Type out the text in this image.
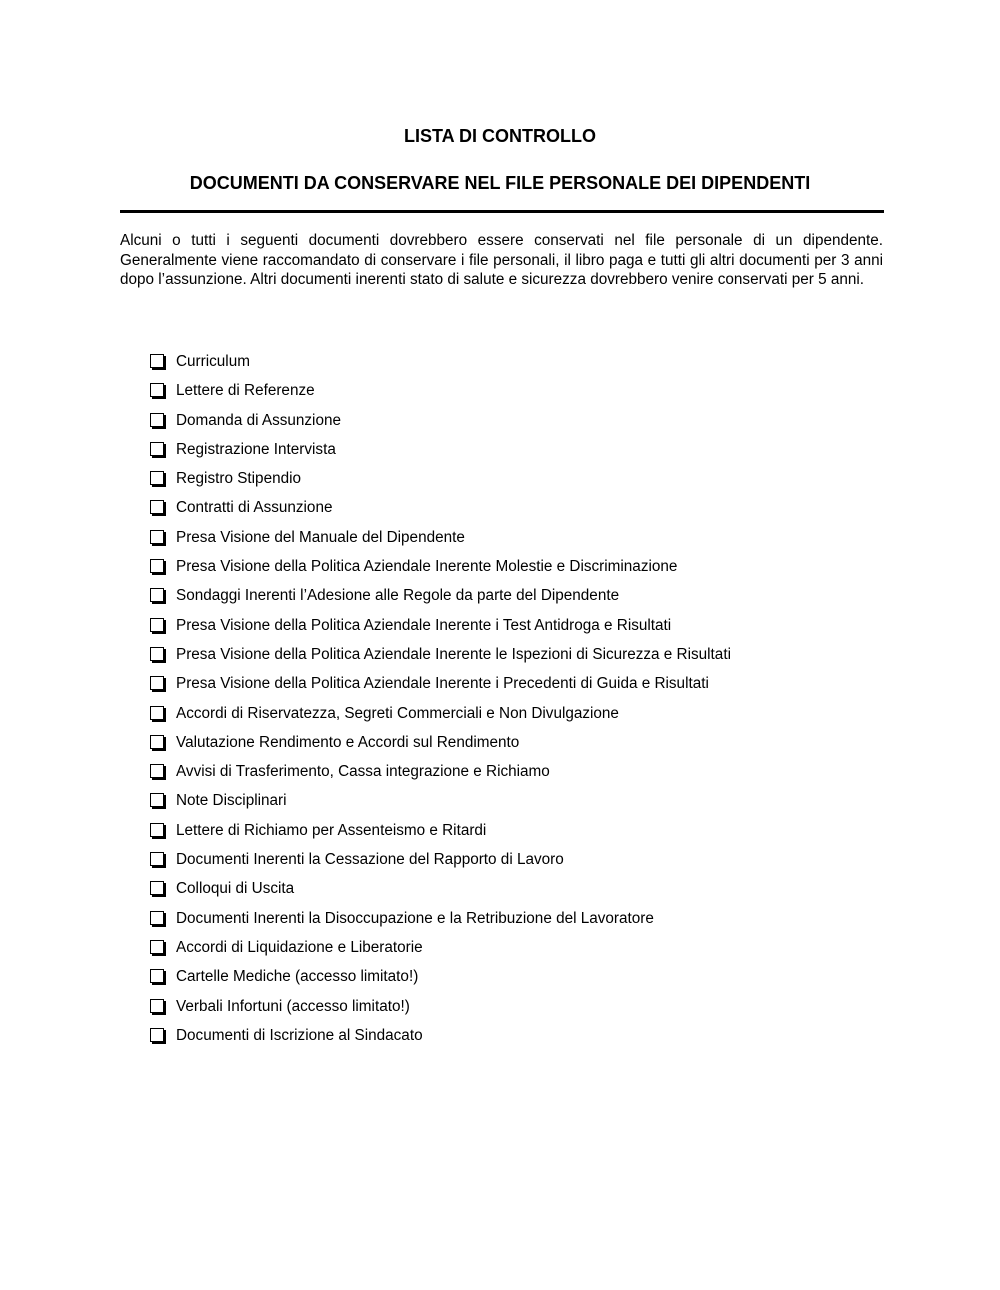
LISTA DI CONTROLLO
DOCUMENTI DA CONSERVARE NEL FILE PERSONALE DEI DIPENDENTI
Alcuni o tutti i seguenti documenti dovrebbero essere conservati nel file personale di un dipendente. Generalmente viene raccomandato di conservare i file personali, il libro paga e tutti gli altri documenti per 3 anni dopo l’assunzione. Altri documenti inerenti stato di salute e sicurezza dovrebbero venire conservati per 5 anni.
Curriculum
Lettere di Referenze
Domanda di Assunzione
Registrazione Intervista
Registro Stipendio
Contratti di Assunzione
Presa Visione del Manuale del Dipendente
Presa Visione della Politica Aziendale Inerente Molestie e Discriminazione
Sondaggi Inerenti l’Adesione alle Regole da parte del Dipendente
Presa Visione della Politica Aziendale Inerente i Test Antidroga e Risultati
Presa Visione della Politica Aziendale Inerente le Ispezioni di Sicurezza e Risultati
Presa Visione della Politica Aziendale Inerente i Precedenti di Guida e Risultati
Accordi di Riservatezza, Segreti Commerciali e Non Divulgazione
Valutazione Rendimento e Accordi sul Rendimento
Avvisi di Trasferimento, Cassa integrazione e Richiamo
Note Disciplinari
Lettere di Richiamo per Assenteismo e Ritardi
Documenti Inerenti la Cessazione del Rapporto di Lavoro
Colloqui di Uscita
Documenti Inerenti la Disoccupazione e la Retribuzione del Lavoratore
Accordi di Liquidazione e Liberatorie
Cartelle Mediche (accesso limitato!)
Verbali Infortuni (accesso limitato!)
Documenti di Iscrizione al Sindacato
